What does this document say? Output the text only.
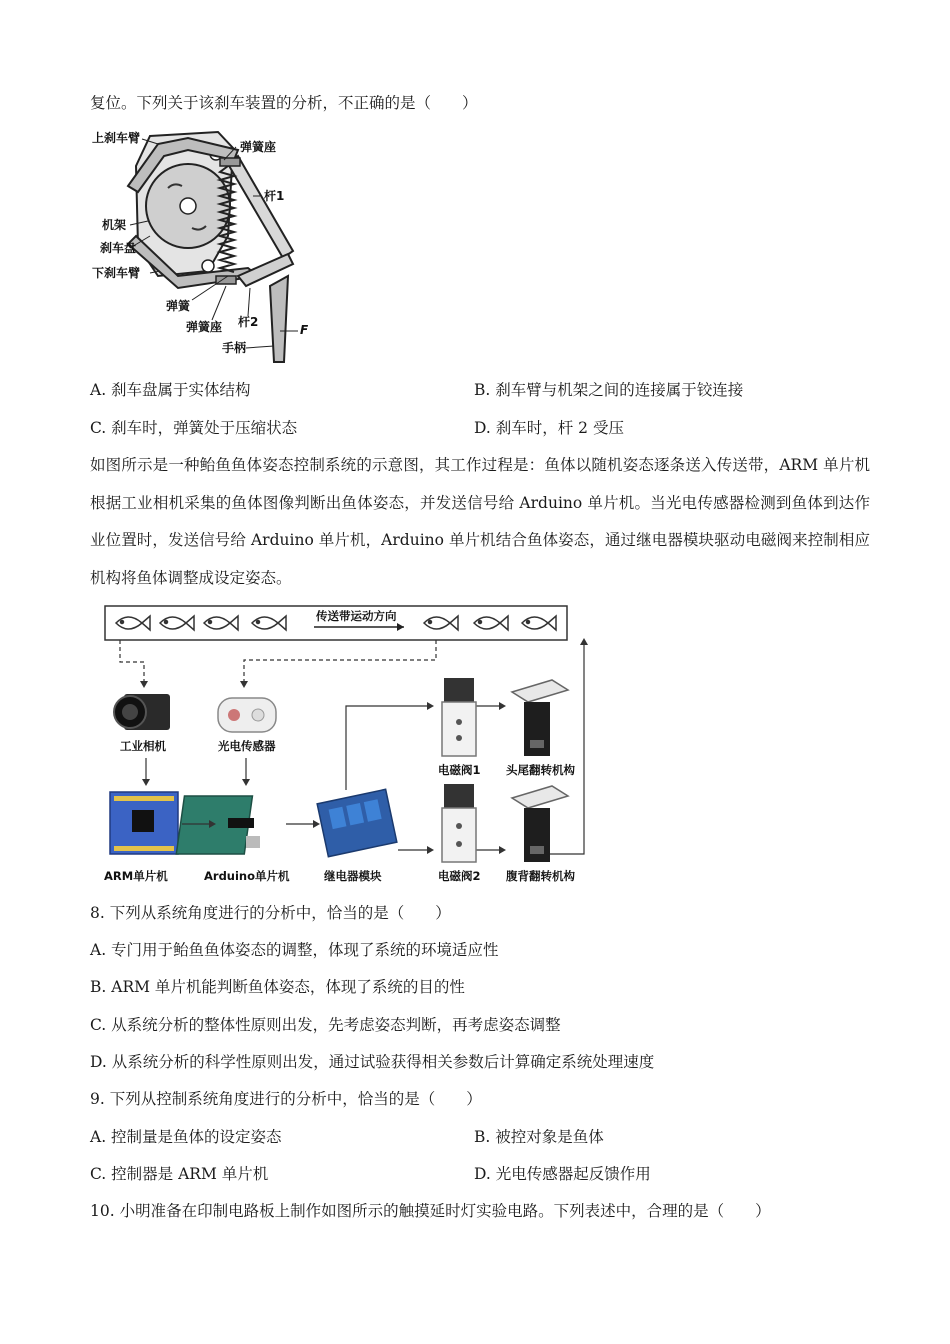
复位。下列关于该刹车装置的分析，不正确的是（　　）
上刹车臂
弹簧座
杆1
机架
刹车盘
下刹车臂
弹簧
弹簧座 杆2
F
手柄
A. 刹车盘属于实体结构	B. 刹车臂与机架之间的连接属于铰连接
C. 刹车时，弹簧处于压缩状态	D. 刹车时，杆 2 受压
如图所示是一种鲐鱼鱼体姿态控制系统的示意图，其工作过程是：鱼体以随机姿态逐条送入传送带，ARM 单片机根据工业相机采集的鱼体图像判断出鱼体姿态，并发送信号给 Arduino 单片机。当光电传感器检测到鱼体到达作业位置时，发送信号给 Arduino 单片机，Arduino 单片机结合鱼体姿态，通过继电器模块驱动电磁阀来控制相应机构将鱼体调整成设定姿态。
传送带运动方向
工业相机	光电传感器
ARM单片机	Arduino单片机	继电器模块
电磁阀1
电磁阀2
头尾翻转机构
腹背翻转机构
8. 下列从系统角度进行的分析中，恰当的是（　　）
A. 专门用于鲐鱼鱼体姿态的调整，体现了系统的环境适应性
B. ARM 单片机能判断鱼体姿态，体现了系统的目的性
C. 从系统分析的整体性原则出发，先考虑姿态判断，再考虑姿态调整
D. 从系统分析的科学性原则出发，通过试验获得相关参数后计算确定系统处理速度
9. 下列从控制系统角度进行的分析中，恰当的是（　　）
A. 控制量是鱼体的设定姿态	B. 被控对象是鱼体
C. 控制器是 ARM 单片机	D. 光电传感器起反馈作用
10. 小明准备在印制电路板上制作如图所示的触摸延时灯实验电路。下列表述中，合理的是（　　）
